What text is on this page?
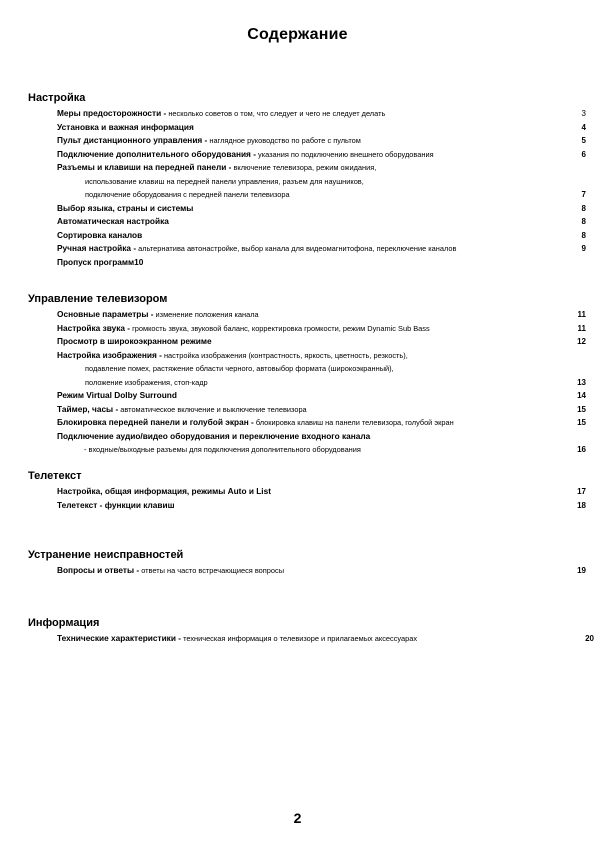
Содержание
Настройка
Меры предосторожности - несколько советов о том, что следует и чего не следует делать	3
Установка и важная информация	4
Пульт дистанционного управления - наглядное руководство по работе с пультом	5
Подключение дополнительного оборудования - указания по подключению внешнего оборудования	6
Разъемы и клавиши на передней панели - включение телевизора, режим ожидания,
использование клавиш на передней панели управления, разъем для наушников,
подключение оборудования с передней панели телевизора	7
Выбор языка, страны и системы	8
Автоматическая настройка	8
Сортировка каналов	8
Ручная настройка - альтернатива автонастройке, выбор канала для видеомагнитофона, переключение каналов	9
Пропуск программ10
Управление телевизором
Основные параметры - изменение положения канала	11
Настройка звука - громкость звука, звуковой баланс, корректировка громкости, режим Dynamic Sub Bass	11
Просмотр в широкоэкранном режиме	12
Настройка изображения - настройка изображения (контрастность, яркость, цветность, резкость),
подавление помех, растяжение области черного, автовыбор формата (широкоэкранный),
положение изображения, стоп-кадр	13
Режим Virtual Dolby Surround	14
Таймер, часы - автоматическое включение и выключение телевизора	15
Блокировка передней панели и голубой экран - блокировка клавиш на панели телевизора, голубой экран	15
Подключение аудио/видео оборудования и переключение входного канала
- входные/выходные разъемы для подключения дополнительного оборудования	16
Телетекст
Настройка, общая информация, режимы Auto и List	17
Телетекст - функции клавиш	18
Устранение неисправностей
Вопросы и ответы - ответы на часто встречающиеся вопросы	19
Информация
Технические характеристики - техническая информация о телевизоре и прилагаемых аксессуарах	20
2
